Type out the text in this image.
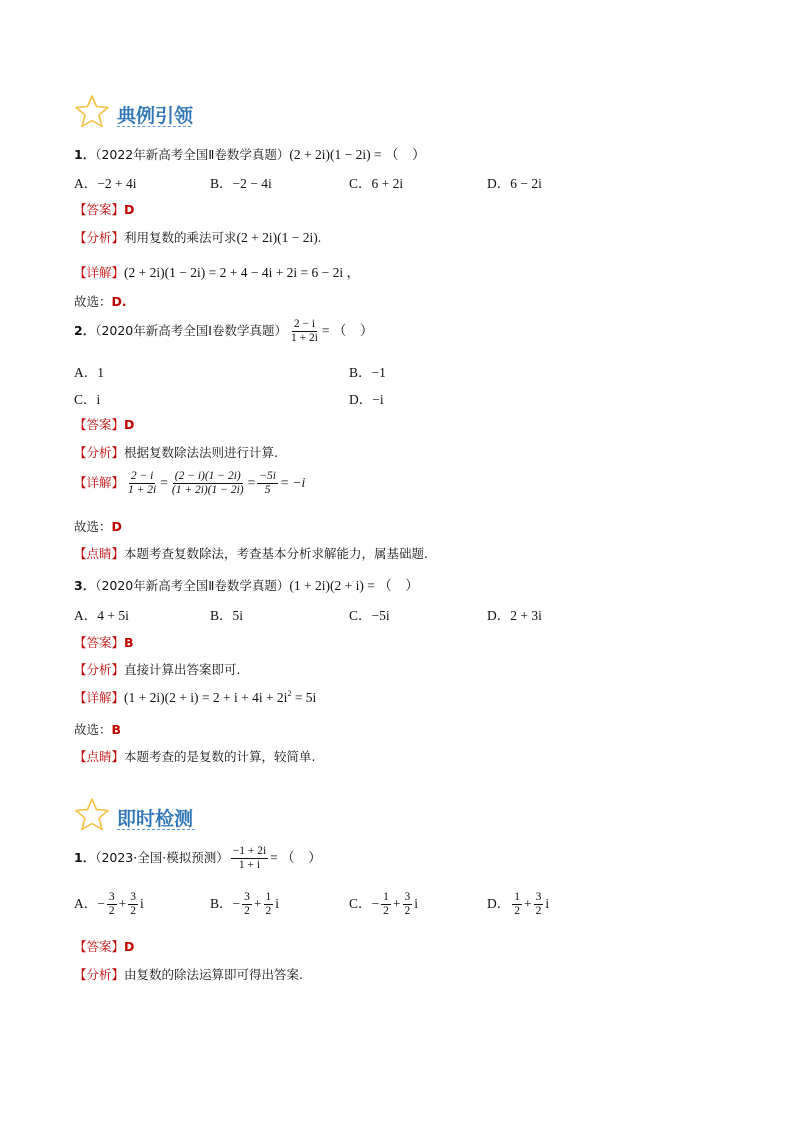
典例引领
1．（2022年新高考全国Ⅱ卷数学真题）(2 + 2i)(1 − 2i) = （　）
A．−2 + 4i	B．−2 − 4i	C．6 + 2i	D．6 − 2i
【答案】D
【分析】利用复数的乘法可求(2 + 2i)(1 − 2i).
【详解】(2 + 2i)(1 − 2i) = 2 + 4 − 4i + 2i = 6 − 2i ，
故选：D.
2．（2020年新高考全国Ⅰ卷数学真题） $\frac{2 - i}{1 + 2i}$ = （　）
A．1	B．−1
C．i	D．−i
【答案】D
【分析】根据复数除法法则进行计算.
【详解】 $\frac{2 - i}{1 + 2i} = \frac{(2 - i)(1 - 2i)}{(1 + 2i)(1 - 2i)} = \frac{-5i}{5} = -i$
故选：D
【点睛】本题考查复数除法，考查基本分析求解能力，属基础题.
3．（2020年新高考全国Ⅱ卷数学真题）(1 + 2i)(2 + i) = （　）
A．4 + 5i	B．5i	C．−5i	D．2 + 3i
【答案】B
【分析】直接计算出答案即可.
【详解】$(1 + 2i)(2 + i) = 2 + i + 4i + 2i^2 = 5i$
故选：B
【点睛】本题考查的是复数的计算，较简单.
即时检测
1．（2023·全国·模拟预测） $\frac{-1 + 2i}{1 + i}$ = （　）
A．− $\frac{3}{2} + \frac{3}{2}$ i	B．− $\frac{3}{2} + \frac{1}{2}$ i	C．− $\frac{1}{2} + \frac{3}{2}$ i	D． $\frac{1}{2} + \frac{3}{2}$ i
【答案】D
【分析】由复数的除法运算即可得出答案.
